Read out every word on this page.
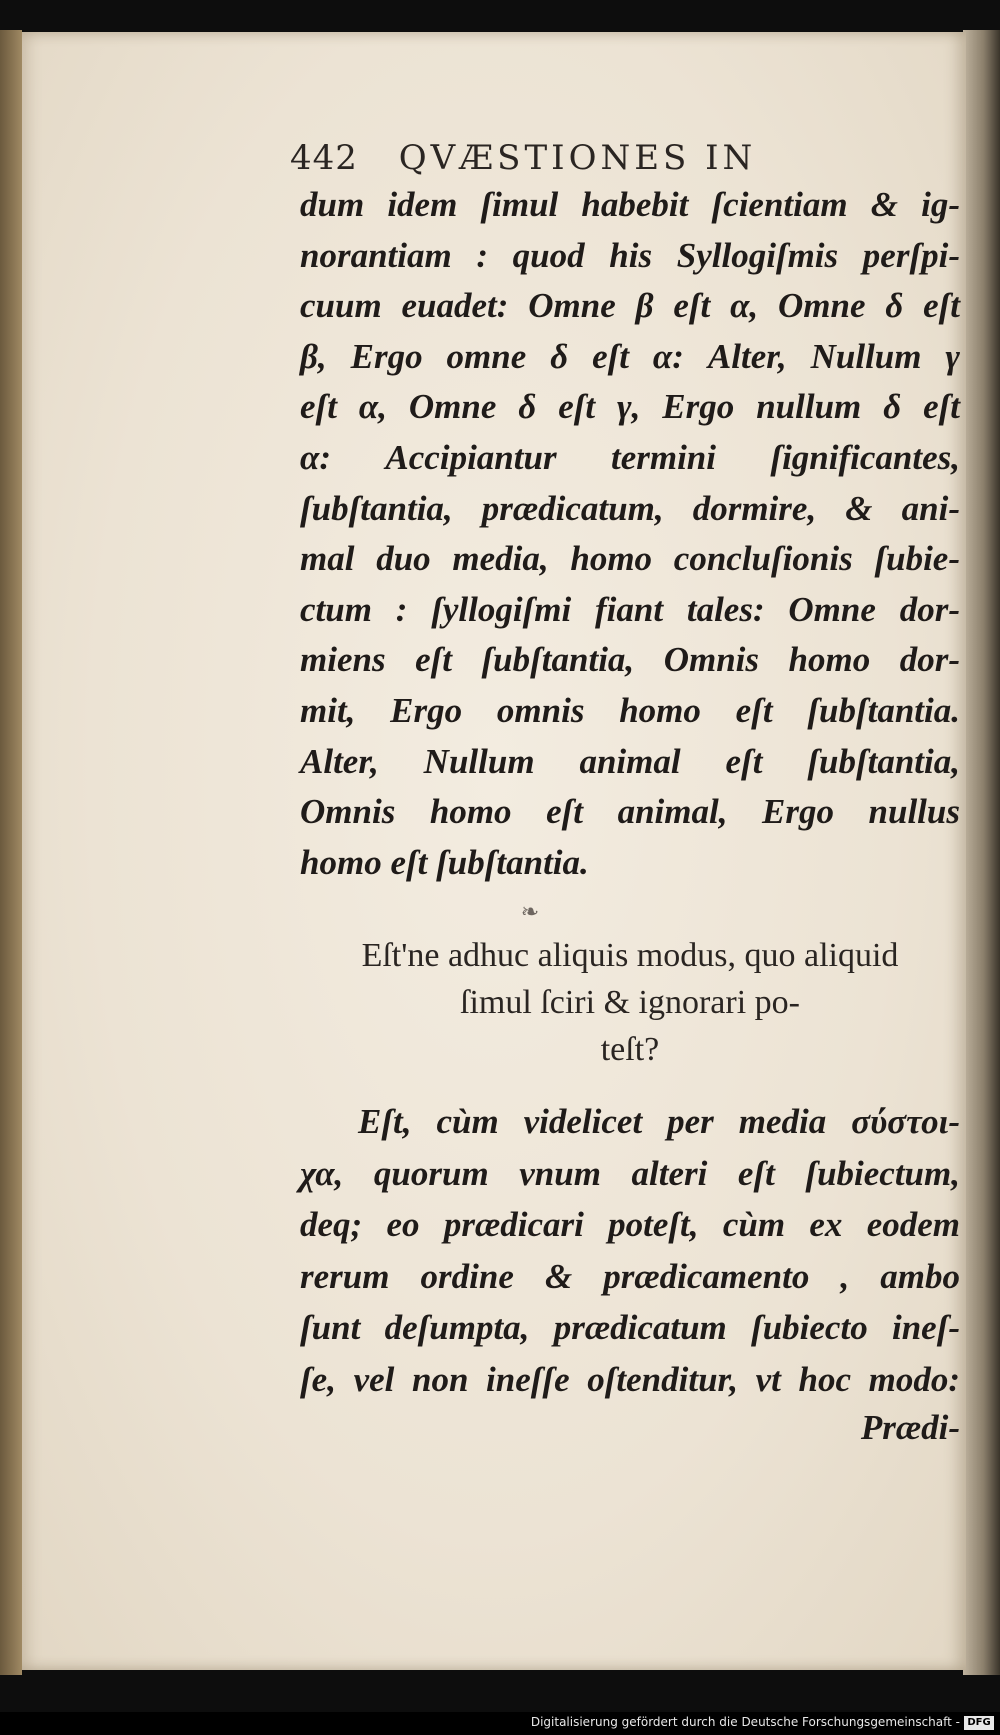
442 QVÆSTIONES IN
dum idem ſimul habebit ſcientiam & ig-
norantiam : quod his Syllogiſmis perſpi-
cuum euadet: Omne β eſt α, Omne δ eſt
β, Ergo omne δ eſt α: Alter, Nullum γ
eſt α, Omne δ eſt γ, Ergo nullum δ eſt
α: Accipiantur termini ſignificantes,
ſubſtantia, prædicatum, dormire, & ani-
mal duo media, homo concluſionis ſubie-
ctum : ſyllogiſmi fiant tales: Omne dor-
miens eſt ſubſtantia, Omnis homo dor-
mit, Ergo omnis homo eſt ſubſtantia.
Alter, Nullum animal eſt ſubſtantia,
Omnis homo eſt animal, Ergo nullus
homo eſt ſubſtantia.
❧
Eſt'ne adhuc aliquis modus, quo aliquid
ſimul ſciri & ignorari po-
teſt?
Eſt, cùm videlicet per media σύστοι-
χα, quorum vnum alteri eſt ſubiectum,
deq; eo prædicari poteſt, cùm ex eodem
rerum ordine & prædicamento , ambo
ſunt deſumpta, prædicatum ſubiecto ineſ-
ſe, vel non ineſſe oſtenditur, vt hoc modo:
Prædi-
Digitalisierung gefördert durch die Deutsche Forschungsgemeinschaft - DFG
